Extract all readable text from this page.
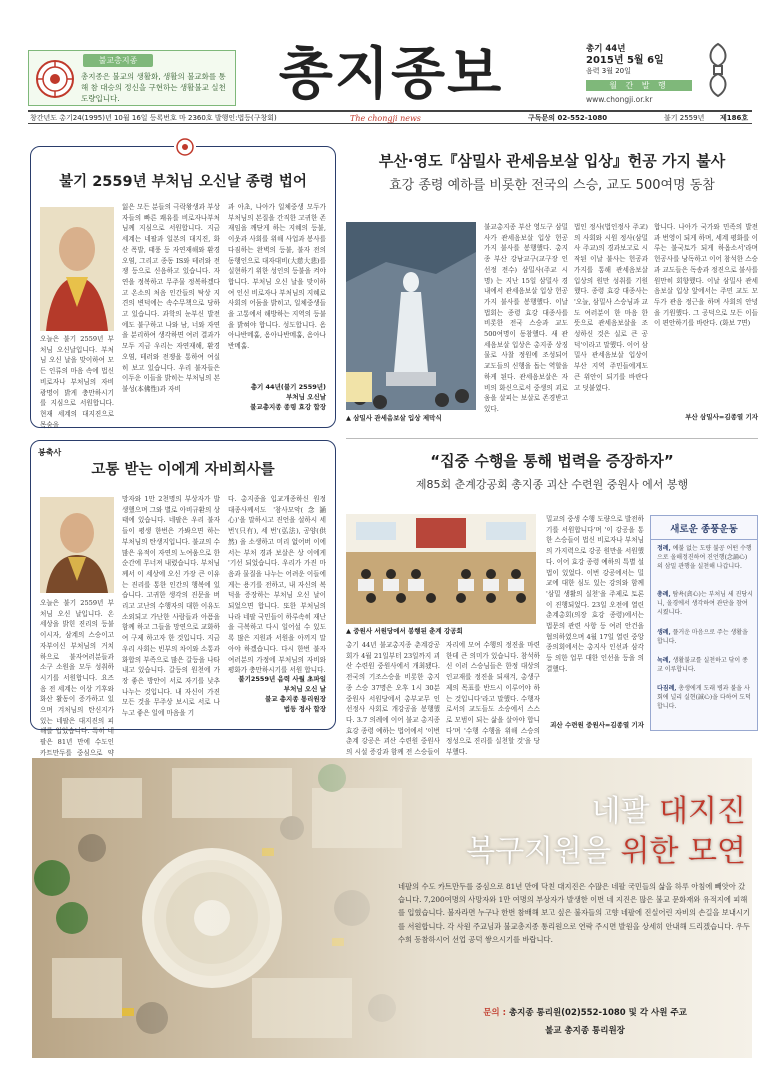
불교총지종
총지종은 불교의 생활화, 생활의 불교화를 통해 참 대승의 정신을 구현하는 생활불교 실천도량입니다.	총지종보	총기 44년
2015년 5월 6일
음력 3월 20일
월 간 발 행
www.chongji.or.kr
창간년도 총기24(1995)년 10월 16일 등록번호 마 2360호 발행인:법등(구창회)	The chongji news	구독문의 02-552-1080	불기 2559년 제186호
불기 2559년 부처님 오신날 종령 법어
오늘은 불기 2559년 부처님 오신날입니다. 부처님 오신 날을 맞이하여 모든 인류의 마음 속에 법신 비로자나 부처님의 자비광명이 밝게 충만하시기를 지심으로 서원합니다. 현재 세계의 대지진으로 목숨을
잃은 모든 분들의 극락왕생과 부상자들의 빠른 쾌유를 비로자나부처님께 지심으로 서원합니다. 지금 세계는 네팔과 일본의 대지진, 화산 폭발, 태풍 등 자연재해와 환경오염, 그리고 종동 IS와 테러와 전쟁 등으로 신음하고 있습니다. 자연을 정복하고 무주물 정복하겠다고 온소의 처음 인간들의 탁상 지견의 변덕에는 속수무책으로 당하고 있습니다. 과학의 눈부신 발전에도 불구하고 나와 남, 너와 자연을 분리하여 생각하면 여러 결과가 모두 지금 우리는 자연재해, 환경오염, 테러와 전쟁을 통하여 여실히 보고 있습니다. 우리 불자들은 이두운 이들을 밝히는 부처님의 본불성(本佛性)과 자비
과 아초, 나아가 일체중생 모두가 부처님의 본질을 간직한 고귀한 존재임을 깨닫게 하는 지혜의 등불, 이웃과 사회를 위해 사업과 봉사를 다짐하는 완벽의 등불, 불자 전의 동행인으로 대자대비(大慈大悲)를 실현하기 위한 성인의 등불을 켜야 합니다. 부처님 오신 날을 맞이하여 인신 비로자나 부처님의 지혜로 사회의 어둠을 밝히고, 일체중생들을 고통에서 해방하는 지역의 등불을 밝혀야 합니다. 성도합니다. 옴아나반메훔, 옴아나반메훔, 옴아나반메훔.
총기 44년(불기 2559년)
부처님 오신날
불교총지종 종령 효강 합장
봉축사
고통 받는 이에게 자비희사를
오늘은 불기 2559년 부처님 오신 날입니다. 온 세상을 밝힌 진리의 등불이시자, 삼계의 스승이고 자부이신 부처님의 거치하으로 불자여러분들과 소구 소원을 모두 성취하시기를 서원합니다. 요즈음 전 세계는 이상 기후와 화산 활동이 증가하고 있으며 겨처님의 탄신지가 있는 네팔은 대지진의 피해를 입었습니다. 특히 네팔은 81년 만에 수도인 카트만두를 중심으로 약
망자와 1만 2천명의 부상자가 발생했으며 그와 별로 아비규환의 상태에 있습니다. 네팔은 우리 불자들이 평생 한번은 가봐으면 하는 부처님의 탄생지입니다. 불교의 수많은 유적이 자연의 노여움으로 한 순간에 무너져 내렸습니다. 부처님께서 이 세상에 오신 가장 큰 이유는 진리를 통한 인간의 행복에 있습니다. 고귀한 생각의 진문을 버리고 고난의 수행자의 대한 이유도 소외되고 가난한 사람들과 아픔을 함께 하고 그들을 망연으로 교화하여 구제 하고자 한 것입니다. 지금 우리 사회는 빈부의 차이와 소통과 화합의 부족으로 많은 갈등을 나타내고 있습니다. 갈등의 원천에 가장 좋은 방안이 서로 자기를 낮추 나누는 것입니다. 내 자신이 가진 모든 것을 무주상 보시로 서로 나누고 좋은 일에 마음을 기
다. 총지종을 입교개종하신 원정 대종사께서도 '참사모악(念誦心)'을 말하시고 진언을 설하시 세 번'(只有), 세 번'(弘法), 공양(供然) 을 소생하고 미리 없어버 이에서는 부처 경과 보살은 상 이에게 '기선 되었습니다. 우리가 가진 마음과 물질을 나누는 어려운 이들에게는 용기를 전하고, 내 자신의 복덕을 증장하는 부처님 오신 날이 되었으면 합니다. 또한 부처님의 나라 네팔 국민들이 하루속히 재난을 극복하고 다시 일어설 수 있도록 많은 지원과 서원을 아끼지 말아야 하겠습니다. 다시 한번 불자 여러분의 가정에 부처님의 자비와 평화가 충만하시기를 서원 합니다.
불기2559년 음력 사월 초파일
부처님 오신 날
불교 총지종 통리원장
법등 정사 합장
부산·영도『삼밀사 관세음보살 입상』헌공 가지 불사
효강 종령 예하를 비롯한 전국의 스승, 교도 500여명 동참
▲ 삼밀사 관세음보살 입상 제막식
불교총지종 부산 영도구 삼밀사가 관세음보살 입상 헌공 가지 불사를 봉행했다. 총지종 부산 강남교구(교구장 인선정 전수) 삼밀사(주교 시명) 는 지난 15일 삼밀사 경내에서 관세음보살 입상 헌공 가지 불사를 봉행했다. 이날 법회는 종령 효강 대종사를 비롯한 전국 스승과 교도 500여명이 동참했다. 새 관세음보살 입상은 총지종 상징물로 사찰 정원에 조성되어 교도들의 신행을 돕는 역할을 하게 된다. 관세음보살은 자비의 화신으로서 중생의 괴로움을 살피는 보살로 존경받고 있다.
법인 정사(법인정사 주교)의 사회와 시원 정사(삼밀사 주교)의 경과보고로 시작된 이날 불사는 헌공과 가지를 통해 관세음보살 입상의 원만 성취를 기원했다. 종령 효강 대종사는 '오늘, 삼밀사 스승님과 교도 여러분이 한 마음 한 뜻으로 관세음보살을 조성하신 것은 실로 큰 공덕'이라고 말했다. 이어 삼밀사 관세음보살 입상이 부산 지역 주민들에게도 큰 위안이 되기를 바란다고 덧붙였다.
합니다. 나아가 국가와 민족의 발전과 번영이 되게 하며, 세계 평화를 이루는 불국토가 되게 하옵소서'라며 헌공사를 낭독하고 이어 참석한 스승과 교도들은 독송과 정진으로 불사를 원만히 회향했다. 이날 삼밀사 관세음보살 입상 앞에서는 주민 교도 모두가 관음 정근을 하며 사회의 안녕을 기원했다. 그 공덕으로 모든 이들이 편안하기를 바란다. (화보 7면)
부산 삼밀사=김종열 기자
“집중 수행을 통해 법력을 증장하자”
제85회 춘계강공회 총지종 괴산 수련원 중원사 에서 봉행
▲ 중원사 서원당에서 봉행된 춘계 강공회
총기 44년 불교총지종 춘계강공회가 4월 21일부터 23일까지 괴산 수련원 중원사에서 개최됐다. 전국의 기조스승을 비롯한 총지종 스승 37명은 오후 1시 30분 중원사 서원당에서 총부교무 인선정사 사회로 개강공을 봉행했다. 3.7 의례에 이어 불교 총지종 효강 종령 예하는 법어에서 '이번 춘계 강공은 괴산 수련원 중원사의 시설 증강과 함께 전 스승들이
자리에 모여 수행의 정진을 마련한데 큰 의미가 있습니다. 참석하신 이러 스승님들은 한정 대상의 인교재를 정진을 되새겨, 총생구제의 목표를 반드시 이루어야 하는 것입니다'라고 말했다. 수행자로서의 교도들도 소승에서 스스로 모범이 되는 삶을 살아야 합니다'며 '수행 수행을 위해 스승의 정성으로 진리를 실천할 것'을 당부했다.
밀교의 중생 수행 도량으로 발전하기를 서원합니다'며 '이 강공을 통한 스승들이 법신 비로자나 부처님의 가지력으로 강공 원만을 서원했다. 이어 효강 종령 예하의 특별 설법이 있었다. 이번 강공에서는 밀교에 대한 심도 있는 강의와 함께 '삼밀 생활의 실천'을 주제로 토론이 진행되었다. 23일 오전에 열린 춘계총회(의장 효강 종령)에서는 법문의 관련 사항 등 여러 안건을 협의하였으며 4월 17일 열린 중앙종의회에서는 총지사 인선과 삼각 등 의한 업무 대한 인선을 등을 의결했다.
괴산 수련원 중원사=김종열 기자
새로운 종풍운동
정례, 예불 없는 도량 불공 어떤 수행으로 올해정진하여 진언행(念誦心)의 삼밀 관행을 실천해 나갑니다.
총례, 탐욕(貪心)는 부처님 세 진당시니, 올경에서 생각하여 관단을 참여시켰니다.
생례, 플거운 마음으로 주는 생활을 합니다.
녹례, 생활불교를 실천하고 닦이 종교 이루합니다.
다짐례, 총생에게 도래 병과 불을 사회에 널리 실현(誠心)을 다하여 도덕 합니다.
네팔 대지진
복구지원을 위한 모연
네팔의 수도 카트만두를 중심으로 81년 만에 닥친 대지진은 수많은 네팔 국민들의 삶을 하루 아침에 빼앗아 갔습니다. 7,200여명의 사망자와 1만 여명의 부상자가 발생한 이번 네 지진은 많은 불교 문화재와 유적지에 피해를 입혔습니다. 불자라면 누구나 한번 참배해 보고 싶은 불자들의 고향 네팔에 진실어린 자비의 손길을 보내시기를 서원합니다. 각 사원 주교님과 불교총지종 통리원으로 연락 주시면 발원을 상세히 안내해 드리겠습니다. 우두 수희 동참하시어 선업 공덕 쌓으시기를 바랍니다.
문의 : 총지종 통리원(02)552-1080 및 각 사원 주교
불교 총지종 통리원장
